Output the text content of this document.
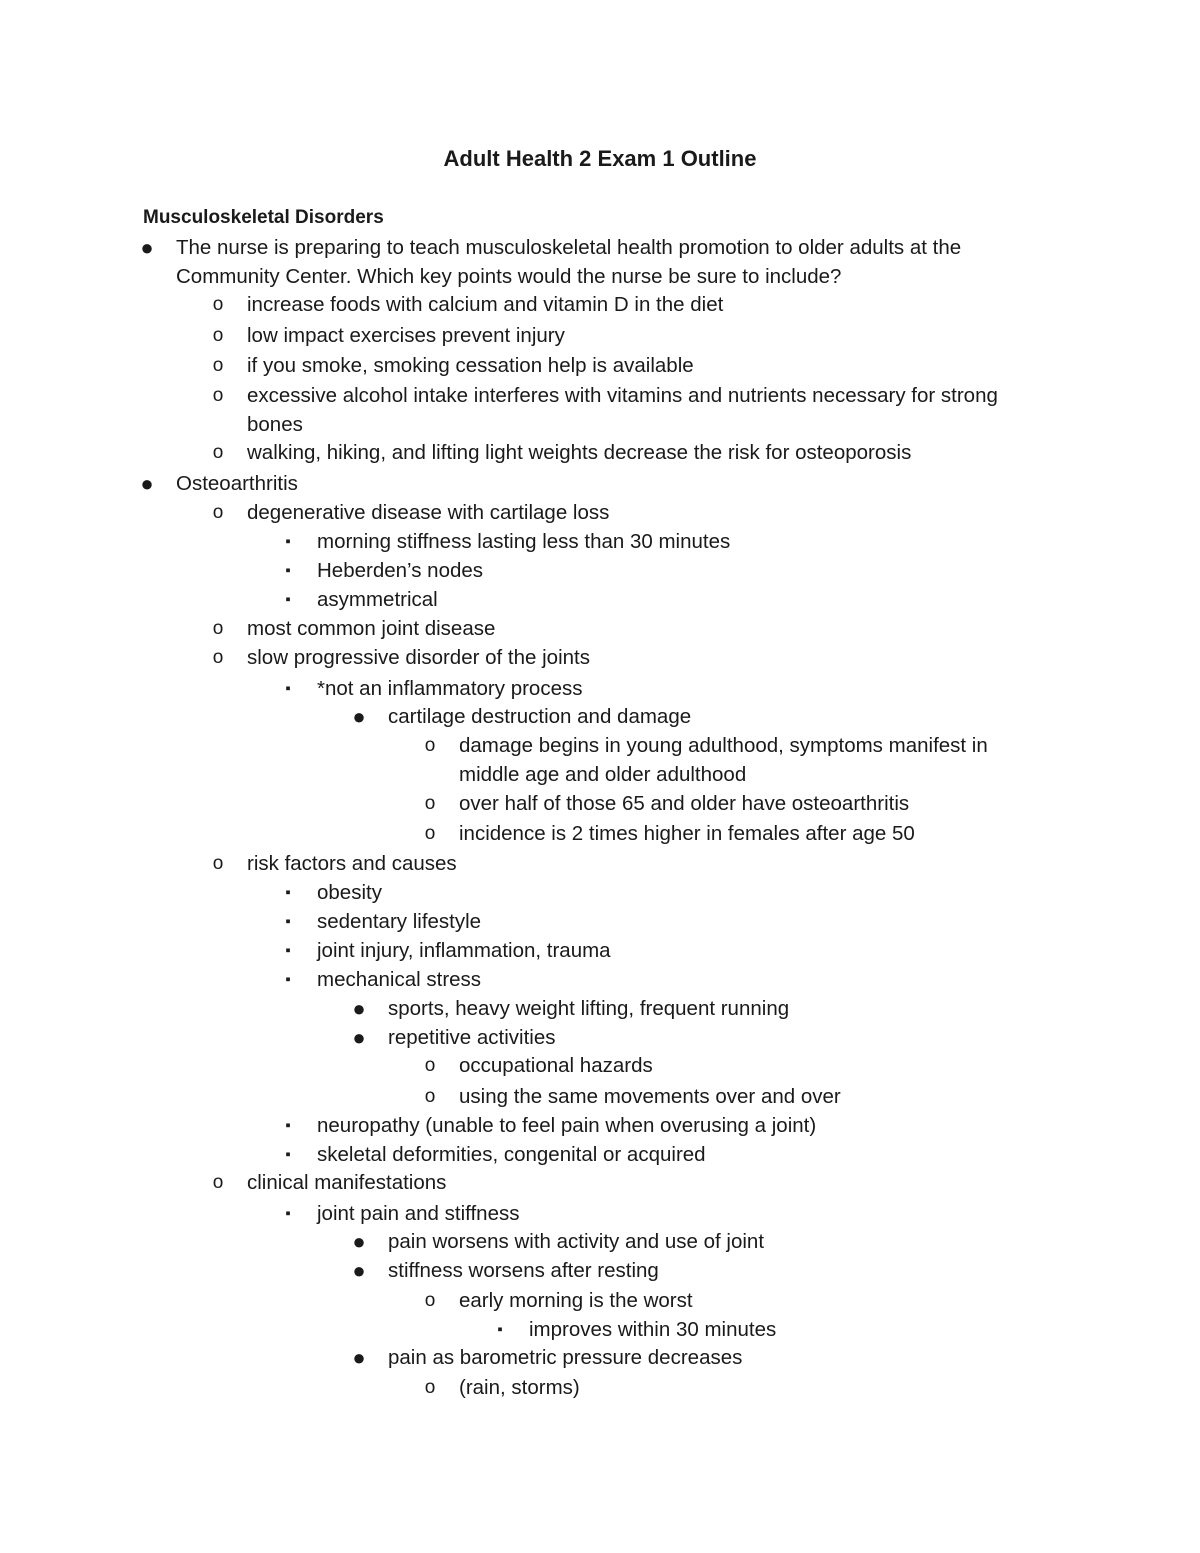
Adult Health 2 Exam 1 Outline
Musculoskeletal Disorders
● The nurse is preparing to teach musculoskeletal health promotion to older adults at the
Community Center. Which key points would the nurse be sure to include?
o increase foods with calcium and vitamin D in the diet
o low impact exercises prevent injury
o if you smoke, smoking cessation help is available
o excessive alcohol intake interferes with vitamins and nutrients necessary for strong
bones
o walking, hiking, and lifting light weights decrease the risk for osteoporosis
● Osteoarthritis
o degenerative disease with cartilage loss
▪	morning stiffness lasting less than 30 minutes
▪	Heberden’s nodes
▪	asymmetrical
o most common joint disease
o slow progressive disorder of the joints
▪	*not an inflammatory process
● cartilage destruction and damage
o damage begins in young adulthood, symptoms manifest in
middle age and older adulthood
o over half of those 65 and older have osteoarthritis
o incidence is 2 times higher in females after age 50
o risk factors and causes
▪	obesity
▪	sedentary lifestyle
▪	joint injury, inflammation, trauma
▪	mechanical stress
● sports, heavy weight lifting, frequent running
● repetitive activities
o occupational hazards
o using the same movements over and over
▪	neuropathy (unable to feel pain when overusing a joint)
▪	skeletal deformities, congenital or acquired
o clinical manifestations
▪	joint pain and stiffness
● pain worsens with activity and use of joint
● stiffness worsens after resting
o early morning is the worst
▪	improves within 30 minutes
● pain as barometric pressure decreases
o (rain, storms)
